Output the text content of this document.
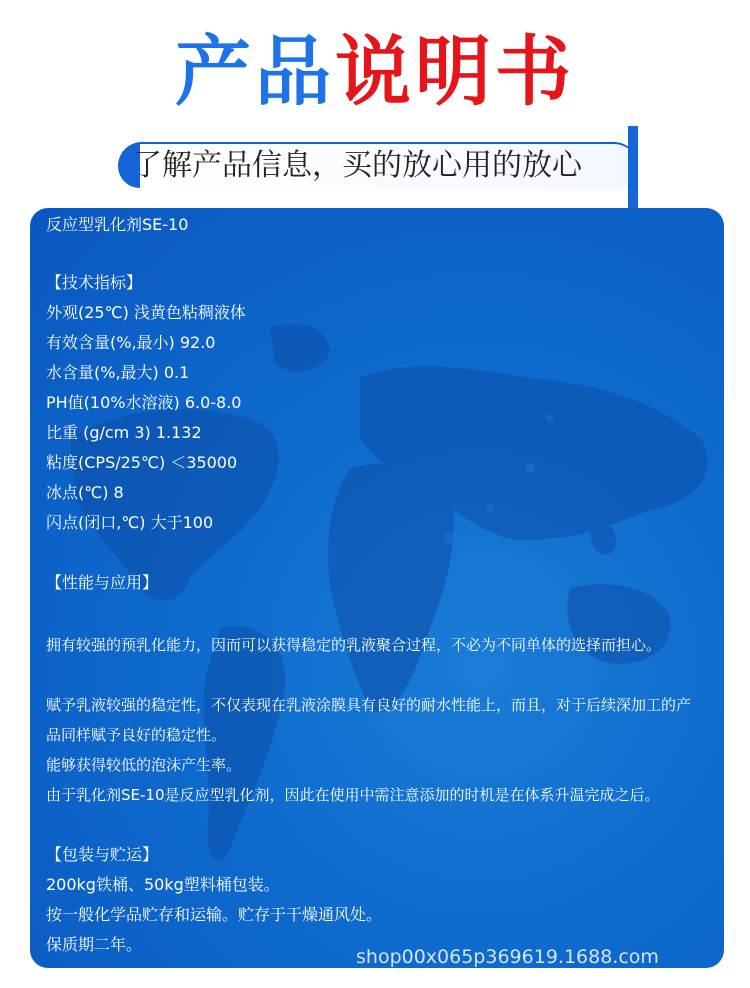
产品说明书
了解产品信息，买的放心用的放心
反应型乳化剂SE-10
【技术指标】
外观(25℃) 浅黄色粘稠液体
有效含量(%,最小) 92.0
水含量(%,最大) 0.1
PH值(10%水溶液) 6.0-8.0
比重 (g/cm 3) 1.132
粘度(CPS/25℃) ＜35000
冰点(℃) 8
闪点(闭口,℃) 大于100
【性能与应用】
拥有较强的预乳化能力，因而可以获得稳定的乳液聚合过程，不必为不同单体的选择而担心。
赋予乳液较强的稳定性，不仅表现在乳液涂膜具有良好的耐水性能上，而且，对于后续深加工的产品同样赋予良好的稳定性。
能够获得较低的泡沫产生率。
由于乳化剂SE-10是反应型乳化剂，因此在使用中需注意添加的时机是在体系升温完成之后。
【包装与贮运】
200kg铁桶、50kg塑料桶包装。
按一般化学品贮存和运输。贮存于干燥通风处。
保质期二年。
shop00x065p369619.1688.com
